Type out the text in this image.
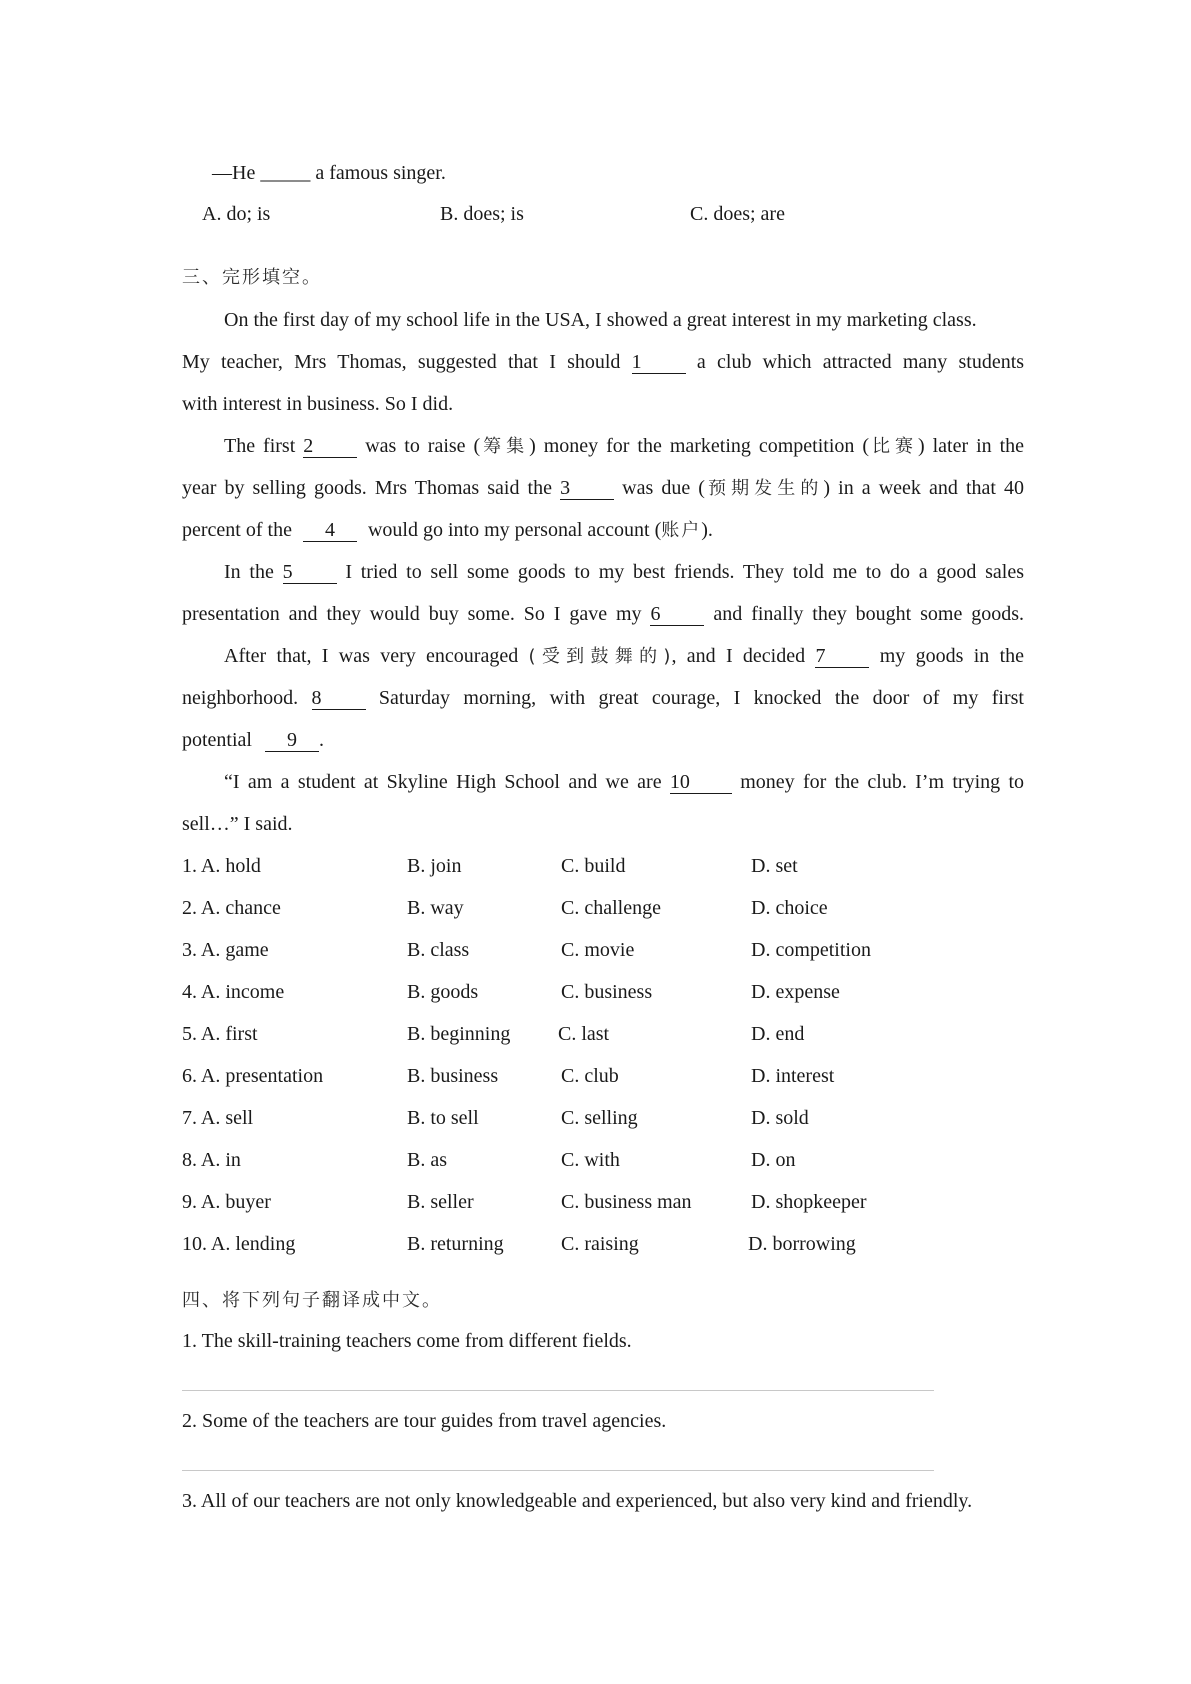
—He _____ a famous singer.
A. do; is	B. does; is	C. does; are
三、完形填空。
On the first day of my school life in the USA, I showed a great interest in my marketing class.
My teacher, Mrs Thomas, suggested that I should 1	a club which attracted many students
with interest in business. So I did.
The first 2	was to raise (筹集) money for the marketing competition (比赛) later in the
year by selling goods. Mrs Thomas said the 3	was due (预期发生的) in a week and that 40
percent of the 4 would go into my personal account (账户).
In the 5	I tried to sell some goods to my best friends. They told me to do a good sales
presentation and they would buy some. So I gave my 6	and finally they bought some goods.
After that, I was very encouraged (受到鼓舞的), and I decided 7	my goods in the
neighborhood. 8	Saturday morning, with great courage, I knocked the door of my first
potential 9 .
“I am a student at Skyline High School and we are 10	money for the club. I’m trying to
sell…” I said.
1. A. hold	B. join	C. build	D. set
2. A. chance	B. way	C. challenge	D. choice
3. A. game	B. class	C. movie	D. competition
4. A. income	B. goods	C. business	D. expense
5. A. first	B. beginning C. last	D. end
6. A. presentation	B. business	C. club	D. interest
7. A. sell	B. to sell	C. selling	D. sold
8. A. in	B. as	C. with	D. on
9. A. buyer	B. seller	C. business man	D. shopkeeper
10. A. lending	B. returning	C. raising	D. borrowing
四、将下列句子翻译成中文。
1. The skill-training teachers come from different fields.
2. Some of the teachers are tour guides from travel agencies.
3. All of our teachers are not only knowledgeable and experienced, but also very kind and friendly.
